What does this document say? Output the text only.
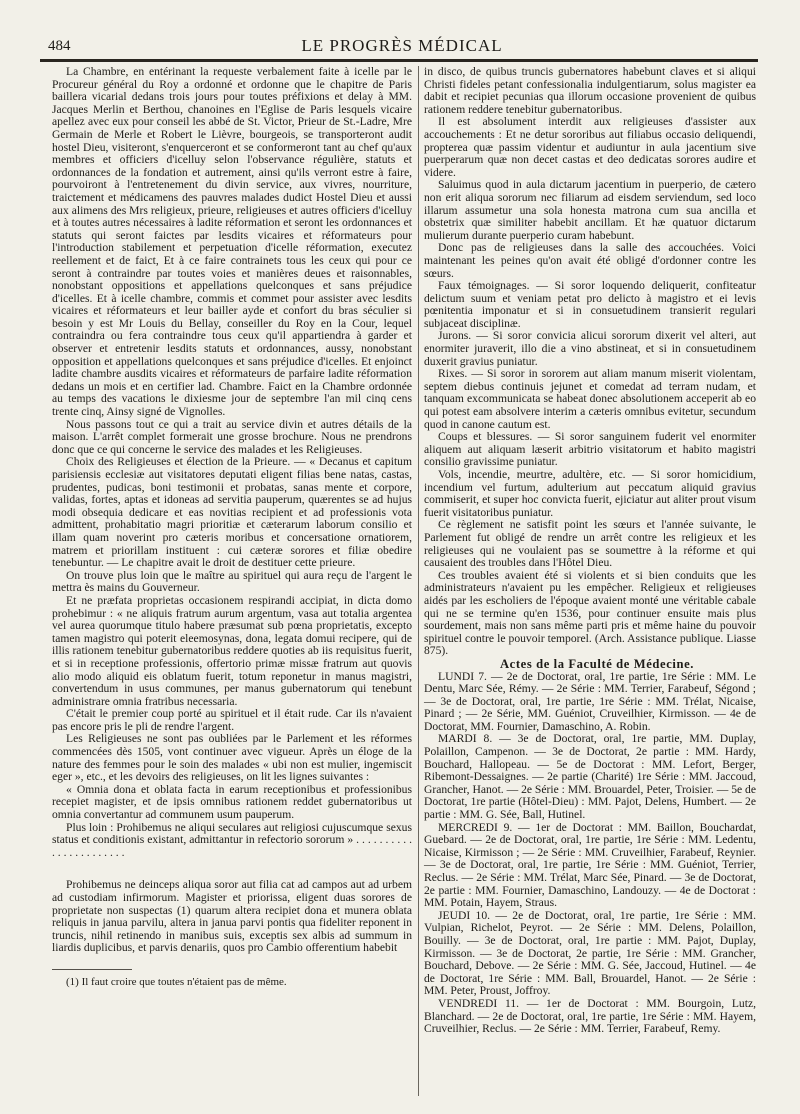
484	LE PROGRÈS MÉDICAL

La Chambre, en entérinant la requeste verbalement faite à icelle par le Procureur général du Roy a ordonné et ordonne que le chapitre de Paris baillera vicarial dedans trois jours pour toutes préfixions et delay à MM. Jacques Merlin et Berthou, chanoines en l'Eglise de Paris lesquels vicaire apellez avec eux pour conseil les abbé de St. Victor, Prieur de St.-Ladre, Mre Germain de Merle et Robert le Lièvre, bourgeois, se transporteront audit hostel Dieu, visiteront, s'enquerceront et se conformeront tant au chef qu'aux membres et officiers d'icelluy selon l'observance régulière, statuts et ordonnances de la fondation et autrement, ainsi qu'ils verront estre à faire, pourvoiront à l'entretenement du divin service, aux vivres, nourriture, traictement et médicamens des pauvres malades dudict Hostel Dieu et aussi aux alimens des Mrs religieux, prieure, religieuses et autres officiers d'icelluy et à toutes autres nécessaires à ladite réformation et seront les ordonnances et statuts qui seront faictes par lesdits vicaires et réformateurs pour l'introduction stabilement et perpetuation d'icelle réformation, executez reellement et de faict, Et à ce faire contrainets tous les ceux qui pour ce seront à contraindre par toutes voies et manières deues et raisonnables, nonobstant oppositions et appellations quelconques et sans préjudice d'icelles. Et à icelle chambre, commis et commet pour assister avec lesdits vicaires et réformateurs et leur bailler ayde et confort du bras séculier si besoin y est Mr Louis du Bellay, conseiller du Roy en la Cour, lequel contraindra ou fera contraindre tous ceux qu'il appartiendra à garder et observer et entretenir lesdits statuts et ordonnances, aussy, nonobstant opposition et appellations quelconques et sans préjudice d'icelles. Et enjoinct ladite chambre ausdits vicaires et réformateurs de parfaire ladite réformation dedans un mois et en certifier lad. Chambre. Faict en la Chambre ordonnée au temps des vacations le dixiesme jour de septembre l'an mil cinq cens trente cinq, Ainsy signé de Vignolles.

Nous passons tout ce qui a trait au service divin et autres détails de la maison. L'arrêt complet formerait une grosse brochure. Nous ne prendrons donc que ce qui concerne le service des malades et les Religieuses.

Choix des Religieuses et élection de la Prieure. — « Decanus et capitum parisiensis ecclesiæ aut visitatores deputati eligent filias bene natas, castas, prudentes, pudicas, boni testimonii et probatas, sanas mente et corpore, validas, fortes, aptas et idoneas ad servitia pauperum, quærentes se ad hujus modi obsequia dedicare et eas novitias recipient et ad professionis vota admittent, prohabitatio magri prioritiæ et cæterarum laborum consilio et illam quam noverint pro cæteris moribus et concersatione ornatiorem, matrem et priorillam instituent : cui cæteræ sorores et filiæ obedire tenebuntur. — Le chapitre avait le droit de destituer cette prieure.

On trouve plus loin que le maître au spirituel qui aura reçu de l'argent le mettra ès mains du Gouverneur.

Et ne præfata proprietas occasionem respirandi accipiat, in dicta domo prohebimur : « ne aliquis fratrum aurum argentum, vasa aut totalia argentea vel aurea quorumque titulo habere præsumat sub pœna proprietatis, excepto tamen magistro qui poterit eleemosynas, dona, legata domui recipere, qui de illis rationem tenebitur gubernatoribus reddere quoties ab iis requisitus fuerit, et si in receptione professionis, offertorio primæ missæ fratrum aut quovis alio modo aliquid eis oblatum fuerit, totum reponetur in manus magistri, convertendum in usus communes, per manus gubernatorum qui tenebunt administrare omnia fratribus necessaria.

C'était le premier coup porté au spirituel et il était rude. Car ils n'avaient pas encore pris le pli de rendre l'argent.

Les Religieuses ne sont pas oubliées par le Parlement et les réformes commencées dès 1505, vont continuer avec vigueur. Après un éloge de la nature des femmes pour le soin des malades « ubi non est mulier, ingemiscit eger », etc., et les devoirs des religieuses, on lit les lignes suivantes :

« Omnia dona et oblata facta in earum receptionibus et professionibus recepiet magister, et de ipsis omnibus rationem reddet gubernatoribus ut omnia convertantur ad communem usum pauperum.

Plus loin : Prohibemus ne aliqui seculares aut religiosi cujuscumque sexus status et conditionis existant, admittantur in refectorio sororum » . . . . . . . . . . . . . . . . . . . . . . .

Prohibemus ne deinceps aliqua soror aut filia cat ad campos aut ad urbem ad custodiam infirmorum. Magister et priorissa, eligent duas sorores de proprietate non suspectas (1) quarum altera recipiet dona et munera oblata reliquis in janua parvilu, altera in janua parvi pontis qua fideliter reponent in truncis, nihil retinendo in manibus suis, exceptis sex albis ad summum in liardis duplicibus, et parvis denariis, quos pro Cambio offerentium habebit

(1) Il faut croire que toutes n'étaient pas de même.

in disco, de quibus truncis gubernatores habebunt claves et si aliqui Christi fideles petant confessionalia indulgentiarum, solus magister ea dabit et recipiet pecunias qua illorum occasione provenient de quibus rationem reddere tenebitur gubernatoribus.

Il est absolument interdit aux religieuses d'assister aux accouchements : Et ne detur sororibus aut filiabus occasio deliquendi, propterea quæ passim videntur et audiuntur in aula jacentium sive puerperarum quæ non decet castas et deo dedicatas sorores audire et videre.

Saluimus quod in aula dictarum jacentium in puerperio, de cætero non erit aliqua sororum nec filiarum ad eisdem serviendum, sed loco illarum assumetur una sola honesta matrona cum sua ancilla et obstetrix quæ similiter habebit ancillam. Et hæ quatuor dictarum mulierum durante puerperio curam habebunt.

Donc pas de religieuses dans la salle des accouchées. Voici maintenant les peines qu'on avait été obligé d'ordonner contre les sœurs.

Faux témoignages. — Si soror loquendo deliquerit, confiteatur delictum suum et veniam petat pro delicto à magistro et ei levis pœnitentia imponatur et si in consuetudinem transierit regulari subjaceat disciplinæ.

Jurons. — Si soror convicia alicui sororum dixerit vel alteri, aut enormiter juraverit, illo die a vino abstineat, et si in consuetudinem duxerit gravius puniatur.

Rixes. — Si soror in sororem aut aliam manum miserit violentam, septem diebus continuis jejunet et comedat ad terram nudam, et tanquam excommunicata se habeat donec absolutionem acceperit ab eo qui potest eam absolvere interim a cæteris omnibus evitetur, secundum quod in canone cautum est.

Coups et blessures. — Si soror sanguinem fuderit vel enormiter aliquem aut aliquam læserit arbitrio visitatorum et habito magistri consilio gravissime puniatur.

Vols, incendie, meurtre, adultère, etc. — Si soror homicidium, incendium vel furtum, adulterium aut peccatum aliquid gravius commiserit, et super hoc convicta fuerit, ejiciatur aut aliter prout visum fuerit visitatoribus puniatur.

Ce règlement ne satisfit point les sœurs et l'année suivante, le Parlement fut obligé de rendre un arrêt contre les religieux et les religieuses qui ne voulaient pas se soumettre à la réforme et qui causaient des troubles dans l'Hôtel Dieu.

Ces troubles avaient été si violents et si bien conduits que les administrateurs n'avaient pu les empêcher. Religieux et religieuses aidés par les escholiers de l'époque avaient monté une véritable cabale qui ne se termine qu'en 1536, pour continuer ensuite mais plus sourdement, mais non sans même parti pris et même haine du pouvoir spirituel contre le pouvoir temporel. (Arch. Assistance publique. Liasse 875).

Actes de la Faculté de Médecine.

LUNDI 7. — 2e de Doctorat, oral, 1re partie, 1re Série : MM. Le Dentu, Marc Sée, Rémy. — 2e Série : MM. Terrier, Farabeuf, Ségond ; — 3e de Doctorat, oral, 1re partie, 1re Série : MM. Trélat, Nicaise, Pinard ; — 2e Série, MM. Guéniot, Cruveilhier, Kirmisson. — 4e de Doctorat, MM. Fournier, Damaschino, A. Robin.

MARDI 8. — 3e de Doctorat, oral, 1re partie, MM. Duplay, Polaillon, Campenon. — 3e de Doctorat, 2e partie : MM. Hardy, Bouchard, Hallopeau. — 5e de Doctorat : MM. Lefort, Berger, Ribemont-Dessaignes. — 2e partie (Charité) 1re Série : MM. Jaccoud, Grancher, Hanot. — 2e Série : MM. Brouardel, Peter, Troisier. — 5e de Doctorat, 1re partie (Hôtel-Dieu) : MM. Pajot, Delens, Humbert. — 2e partie : MM. G. Sée, Ball, Hutinel.

MERCREDI 9. — 1er de Doctorat : MM. Baillon, Bouchardat, Guebard. — 2e de Doctorat, oral, 1re partie, 1re Série : MM. Ledentu, Nicaise, Kirmisson ; — 2e Série : MM. Cruveilhier, Farabeuf, Reynier. — 3e de Doctorat, oral, 1re partie, 1re Série : MM. Guéniot, Terrier, Reclus. — 2e Série : MM. Trélat, Marc Sée, Pinard. — 3e de Doctorat, 2e partie : MM. Fournier, Damaschino, Landouzy. — 4e de Doctorat : MM. Potain, Hayem, Straus.

JEUDI 10. — 2e de Doctorat, oral, 1re partie, 1re Série : MM. Vulpian, Richelot, Peyrot. — 2e Série : MM. Delens, Polaillon, Bouilly. — 3e de Doctorat, oral, 1re partie : MM. Pajot, Duplay, Kirmisson. — 3e de Doctorat, 2e partie, 1re Série : MM. Grancher, Bouchard, Debove. — 2e Série : MM. G. Sée, Jaccoud, Hutinel. — 4e de Doctorat, 1re Série : MM. Ball, Brouardel, Hanot. — 2e Série : MM. Peter, Proust, Joffroy.

VENDREDI 11. — 1er de Doctorat : MM. Bourgoin, Lutz, Blanchard. — 2e de Doctorat, oral, 1re partie, 1re Série : MM. Hayem, Cruveilhier, Reclus. — 2e Série : MM. Terrier, Farabeuf, Remy.
